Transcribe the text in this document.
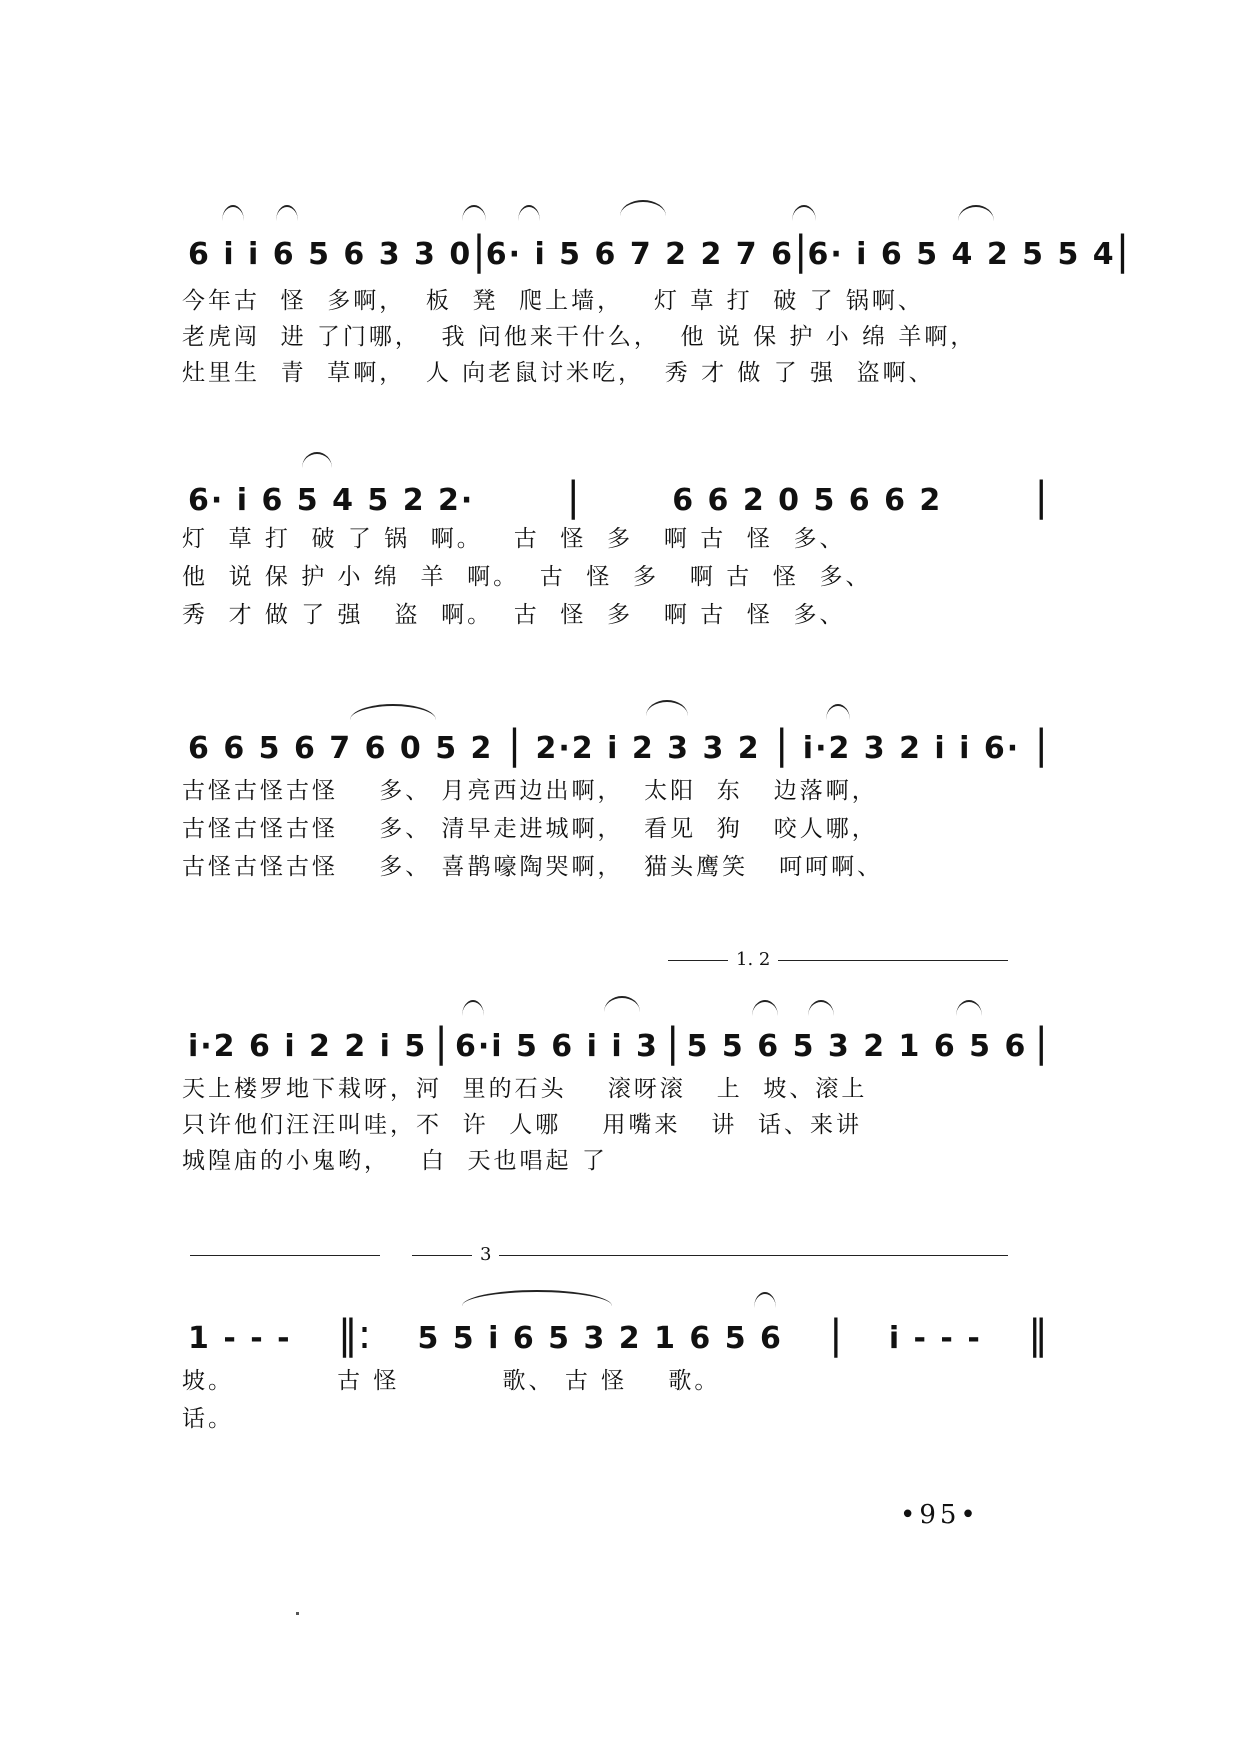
6 i i 6 5 6 3 3 0 | 6· i 5 6 7 2 2 7 6 | 6· i 6 5 4 2 5 5 4 |
今年古  怪  多啊，  板  凳  爬上墙，   灯 草 打  破 了 锅啊、
老虎闯  进 了门哪，  我 问他来干什么，  他 说 保 护 小 绵 羊啊，
灶里生  青  草啊，  人 向老鼠讨米吃，  秀 才 做 了 强  盗啊、
6· i 6 5 4 5 2 2· |	6 6 2 0 5 6 6 2 |
灯  草 打  破 了 锅  啊。   古  怪  多   啊 古  怪  多、
他  说 保 护 小 绵  羊  啊。  古  怪  多   啊 古  怪  多、
秀  才 做 了 强   盗  啊。  古  怪  多   啊 古  怪  多、
6 6 5 6 7 6 0 5 2 | 2·2 i 2 3 3 2 | i·2 3 2 i i 6· |
古怪古怪古怪    多、 月亮西边出啊，  太阳  东   边落啊，
古怪古怪古怪    多、 清早走进城啊，  看见  狗   咬人哪，
古怪古怪古怪    多、 喜鹊嚎陶哭啊，  猫头鹰笑   呵呵啊、
1. 2
i·2 6 i 2 2 i 5 | 6·i 5 6 i i 3 | 5 5 6 5 3 2 1 6 5 6 |
天上楼罗地下栽呀，河  里的石头    滚呀滚   上  坡、滚上
只许他们汪汪叫哇，不  许  人哪    用嘴来   讲  话、来讲
城隍庙的小鬼哟，   白  天也唱起 了
3
1 - - - ‖: 5 5 i 6 5 3 2 1 6 5 6 | i - - - ‖
坡。          古 怪          歌、 古 怪    歌。
话。
•95•
